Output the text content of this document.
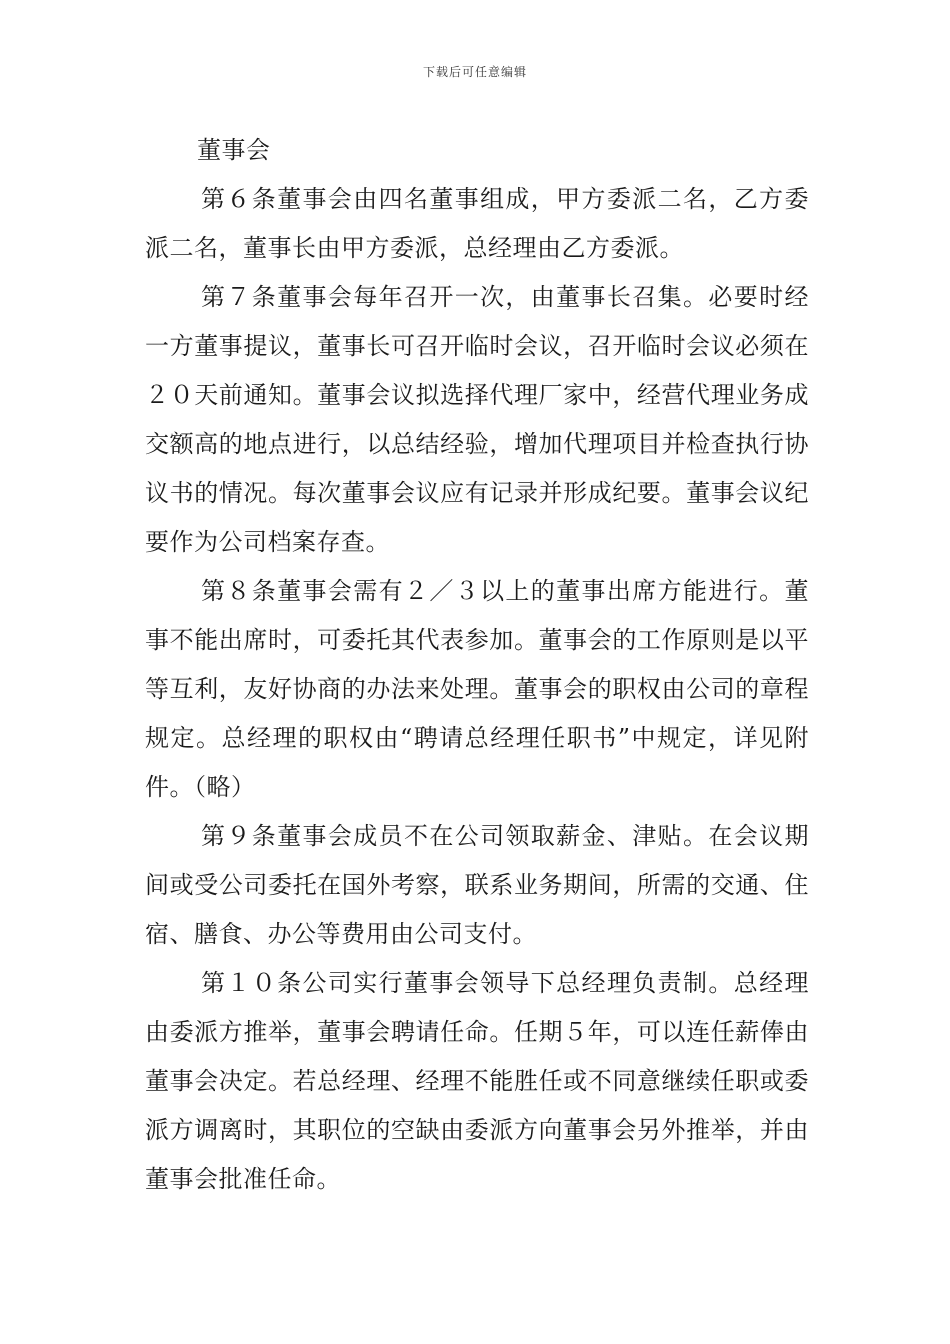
下载后可任意编辑
董事会

第６条董事会由四名董事组成，甲方委派二名，乙方委派二名，董事长由甲方委派，总经理由乙方委派。

第７条董事会每年召开一次，由董事长召集。必要时经一方董事提议，董事长可召开临时会议，召开临时会议必须在２０天前通知。董事会议拟选择代理厂家中，经营代理业务成交额高的地点进行，以总结经验，增加代理项目并检查执行协议书的情况。每次董事会议应有记录并形成纪要。董事会议纪要作为公司档案存查。

第８条董事会需有２／３以上的董事出席方能进行。董事不能出席时，可委托其代表参加。董事会的工作原则是以平等互利，友好协商的办法来处理。董事会的职权由公司的章程规定。总经理的职权由“聘请总经理任职书”中规定，详见附件。（略）

第９条董事会成员不在公司领取薪金、津贴。在会议期间或受公司委托在国外考察，联系业务期间，所需的交通、住宿、膳食、办公等费用由公司支付。

第１０条公司实行董事会领导下总经理负责制。总经理由委派方推举，董事会聘请任命。任期５年，可以连任薪俸由董事会决定。若总经理、经理不能胜任或不同意继续任职或委派方调离时，其职位的空缺由委派方向董事会另外推举，并由董事会批准任命。
